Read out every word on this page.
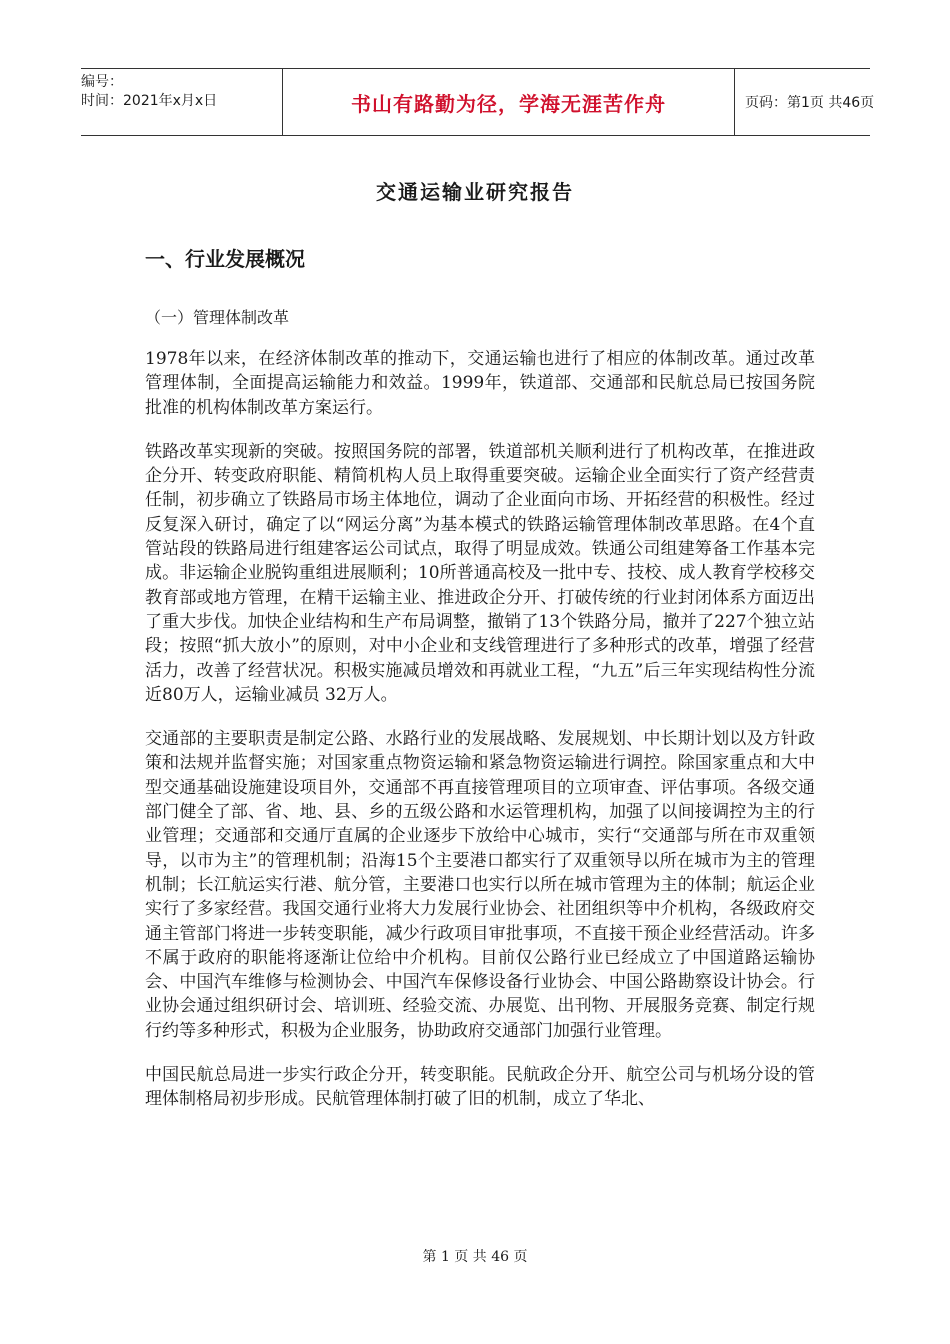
编号：
时间：2021年x月x日	书山有路勤为径，学海无涯苦作舟	页码：第1页 共46页
交通运输业研究报告
一、行业发展概况
（一）管理体制改革

1978年以来，在经济体制改革的推动下，交通运输也进行了相应的体制改革。通过改革管理体制，全面提高运输能力和效益。1999年，铁道部、交通部和民航总局已按国务院批准的机构体制改革方案运行。

铁路改革实现新的突破。按照国务院的部署，铁道部机关顺利进行了机构改革，在推进政企分开、转变政府职能、精简机构人员上取得重要突破。运输企业全面实行了资产经营责任制，初步确立了铁路局市场主体地位，调动了企业面向市场、开拓经营的积极性。经过反复深入研讨，确定了以“网运分离”为基本模式的铁路运输管理体制改革思路。在4个直管站段的铁路局进行组建客运公司试点，取得了明显成效。铁通公司组建筹备工作基本完成。非运输企业脱钩重组进展顺利；10所普通高校及一批中专、技校、成人教育学校移交教育部或地方管理，在精干运输主业、推进政企分开、打破传统的行业封闭体系方面迈出了重大步伐。加快企业结构和生产布局调整，撤销了13个铁路分局，撤并了227个独立站段；按照“抓大放小”的原则，对中小企业和支线管理进行了多种形式的改革，增强了经营活力，改善了经营状况。积极实施减员增效和再就业工程，“九五”后三年实现结构性分流近80万人，运输业减员 32万人。

交通部的主要职责是制定公路、水路行业的发展战略、发展规划、中长期计划以及方针政策和法规并监督实施；对国家重点物资运输和紧急物资运输进行调控。除国家重点和大中型交通基础设施建设项目外，交通部不再直接管理项目的立项审查、评估事项。各级交通部门健全了部、省、地、县、乡的五级公路和水运管理机构，加强了以间接调控为主的行业管理；交通部和交通厅直属的企业逐步下放给中心城市，实行“交通部与所在市双重领导，以市为主”的管理机制；沿海15个主要港口都实行了双重领导以所在城市为主的管理机制；长江航运实行港、航分管，主要港口也实行以所在城市管理为主的体制；航运企业实行了多家经营。我国交通行业将大力发展行业协会、社团组织等中介机构，各级政府交通主管部门将进一步转变职能，减少行政项目审批事项，不直接干预企业经营活动。许多不属于政府的职能将逐渐让位给中介机构。目前仅公路行业已经成立了中国道路运输协会、中国汽车维修与检测协会、中国汽车保修设备行业协会、中国公路勘察设计协会。行业协会通过组织研讨会、培训班、经验交流、办展览、出刊物、开展服务竞赛、制定行规行约等多种形式，积极为企业服务，协助政府交通部门加强行业管理。

中国民航总局进一步实行政企分开，转变职能。民航政企分开、航空公司与机场分设的管理体制格局初步形成。民航管理体制打破了旧的机制，成立了华北、

第 1 页 共 46 页
